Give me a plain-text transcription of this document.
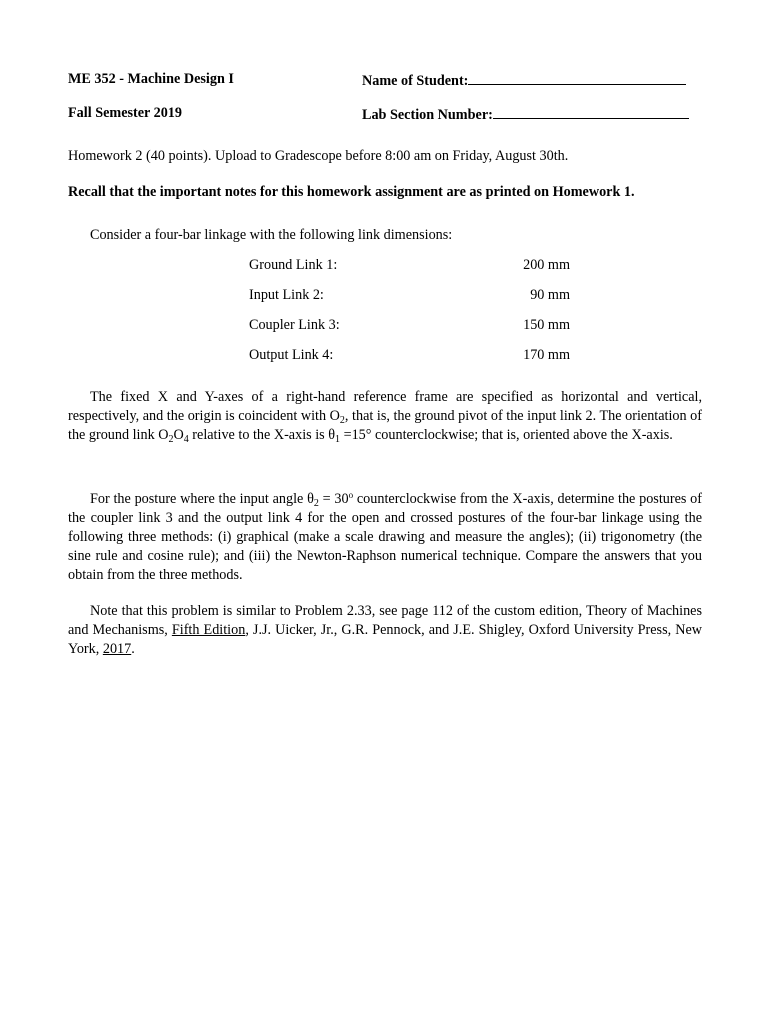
ME 352 - Machine Design I
Fall Semester 2019
Name of Student:
Lab Section Number:
Homework 2 (40 points). Upload to Gradescope before 8:00 am on Friday, August 30th.
Recall that the important notes for this homework assignment are as printed on Homework 1.
Consider a four-bar linkage with the following link dimensions:
Ground Link 1:	200 mm
Input Link 2:	90 mm
Coupler Link 3:	150 mm
Output Link 4:	170 mm
The fixed X and Y-axes of a right-hand reference frame are specified as horizontal and vertical, respectively, and the origin is coincident with $O_2$, that is, the ground pivot of the input link 2. The orientation of the ground link $O_2O_4$ relative to the X-axis is $\theta_1 =15^\circ$ counterclockwise; that is, oriented above the X-axis.
For the posture where the input angle $\theta_2 = 30^o$ counterclockwise from the X-axis, determine the postures of the coupler link 3 and the output link 4 for the open and crossed postures of the four-bar linkage using the following three methods: (i) graphical (make a scale drawing and measure the angles); (ii) trigonometry (the sine rule and cosine rule); and (iii) the Newton-Raphson numerical technique. Compare the answers that you obtain from the three methods.
Note that this problem is similar to Problem 2.33, see page 112 of the custom edition, Theory of Machines and Mechanisms, Fifth Edition, J.J. Uicker, Jr., G.R. Pennock, and J.E. Shigley, Oxford University Press, New York, 2017.
